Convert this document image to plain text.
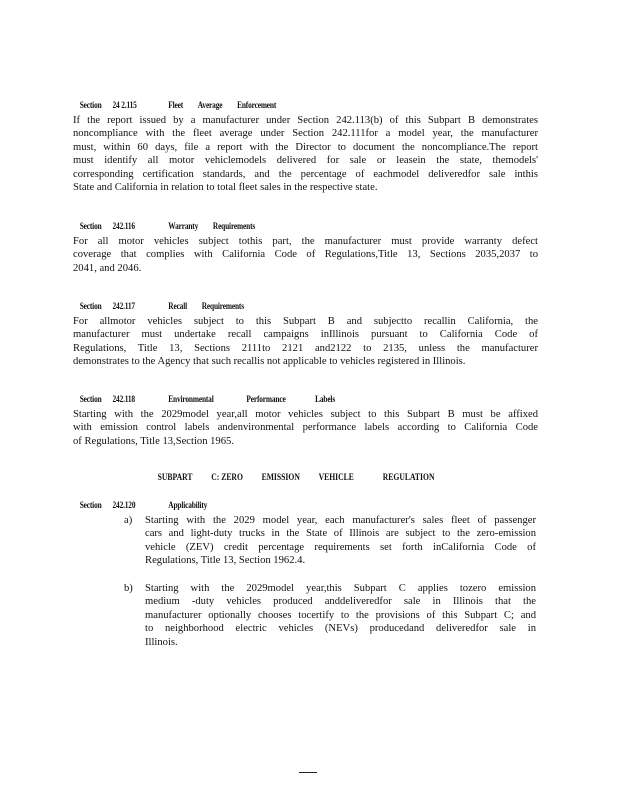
Section 24 2.115	Fleet Average Enforcement

If the report issued by a manufacturer under Section 242.113(b) of this Subpart B demonstrates
noncompliance with the fleet average under Section 242.111for a model year, the manufacturer
must, within 60 days, file a report with the Director to document the noncompliance.The report
must identify all motor vehiclemodels delivered for sale or leasein the state, themodels'
corresponding certification standards, and the percentage of eachmodel deliveredfor sale inthis
State and California in relation to total fleet sales in the respective state.

Section 242.116	Warranty Requirements

For all motor vehicles subject tothis part, the manufacturer must provide warranty defect
coverage that complies with California Code of Regulations,Title 13, Sections 2035,2037 to
2041, and 2046.

Section 242.117	Recall Requirements

For allmotor vehicles subject to this Subpart B and subjectto recallin California, the
manufacturer must undertake recall campaigns inIllinois pursuant to California Code of
Regulations, Title 13, Sections 2111to 2121 and2122 to 2135, unless the manufacturer
demonstrates to the Agency that such recallis not applicable to vehicles registered in Illinois.

Section 242.118	Environmental	Performance	Labels

Starting with the 2029model year,all motor vehicles subject to this Subpart B must be affixed
with emission control labels andenvironmental performance labels according to California Code
of Regulations, Title 13,Section 1965.

SUBPART C: ZERO EMISSION VEHICLE	REGULATION

Section 242.120	Applicability

a) Starting with the 2029 model year, each manufacturer's sales fleet of passenger
cars and light-duty trucks in the State of Illinois are subject to the zero-emission
vehicle (ZEV) credit percentage requirements set forth inCalifornia Code of
Regulations, Title 13, Section 1962.4.
b) Starting with the 2029model year,this Subpart C applies tozero emission
medium -duty vehicles produced anddeliveredfor sale in Illinois that the
manufacturer optionally chooses tocertify to the provisions of this Subpart C; and
to neighborhood electric vehicles (NEVs) producedand deliveredfor sale in
Illinois.
